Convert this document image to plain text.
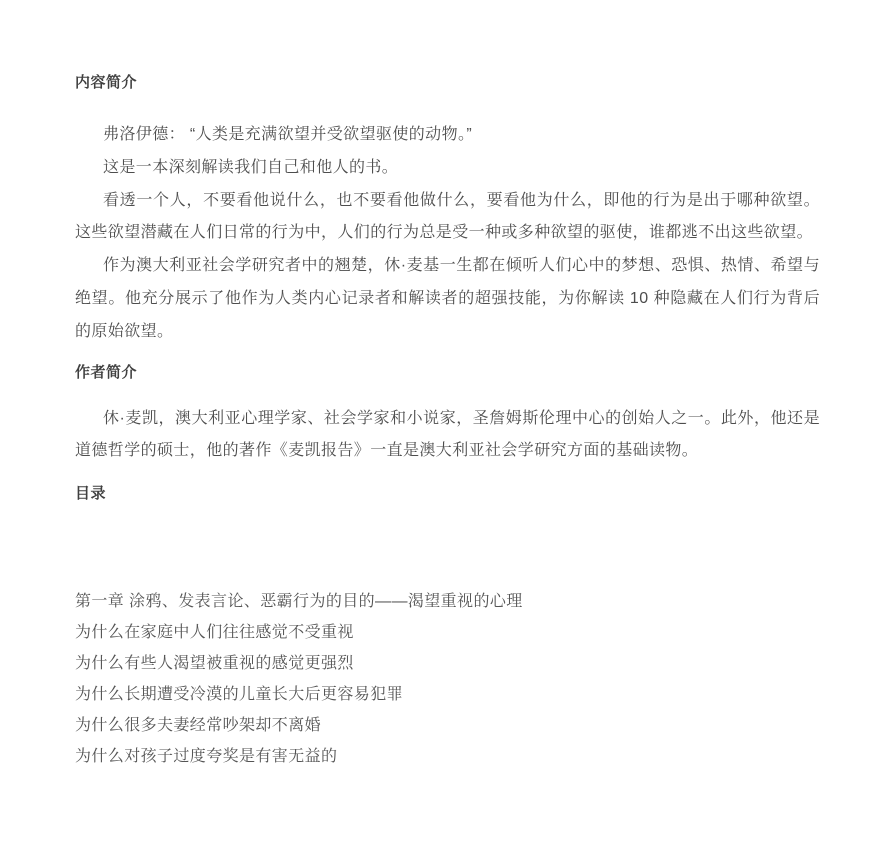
内容简介

弗洛伊德： “人类是充满欲望并受欲望驱使的动物。”

这是一本深刻解读我们自己和他人的书。

看透一个人，不要看他说什么，也不要看他做什么，要看他为什么，即他的行为是出于哪种欲望。这些欲望潜藏在人们日常的行为中，人们的行为总是受一种或多种欲望的驱使，谁都逃不出这些欲望。

作为澳大利亚社会学研究者中的翘楚，休·麦基一生都在倾听人们心中的梦想、恐惧、热情、希望与绝望。他充分展示了他作为人类内心记录者和解读者的超强技能，为你解读 10 种隐藏在人们行为背后的原始欲望。

作者简介

休·麦凯，澳大利亚心理学家、社会学家和小说家，圣詹姆斯伦理中心的创始人之一。此外，他还是道德哲学的硕士，他的著作《麦凯报告》一直是澳大利亚社会学研究方面的基础读物。

目录
第一章 涂鸦、发表言论、恶霸行为的目的——渴望重视的心理
为什么在家庭中人们往往感觉不受重视
为什么有些人渴望被重视的感觉更强烈
为什么长期遭受冷漠的儿童长大后更容易犯罪
为什么很多夫妻经常吵架却不离婚
为什么对孩子过度夸奖是有害无益的
